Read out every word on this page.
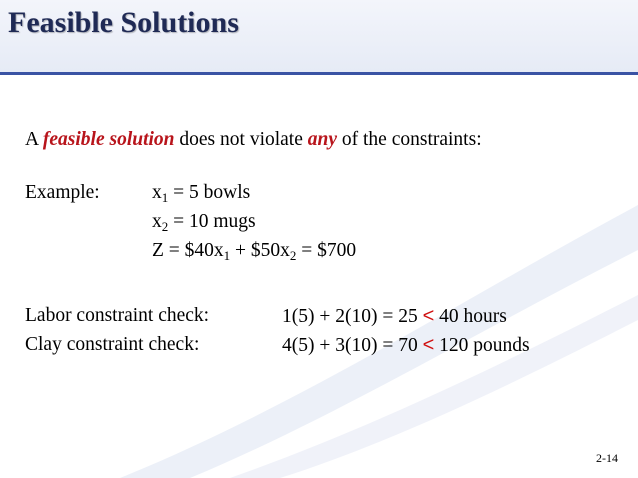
Feasible Solutions
A feasible solution does not violate any of the constraints:
Example:	$x_1 = 5$ bowls
$x_2 = 10$ mugs
$Z = \$40x_1$ + $\$50x_2$ = $700
Labor constraint check:	1(5) + 2(10) = 25 < 40 hours
Clay constraint check:	4(5) + 3(10) = 70 < 120 pounds
2-14
